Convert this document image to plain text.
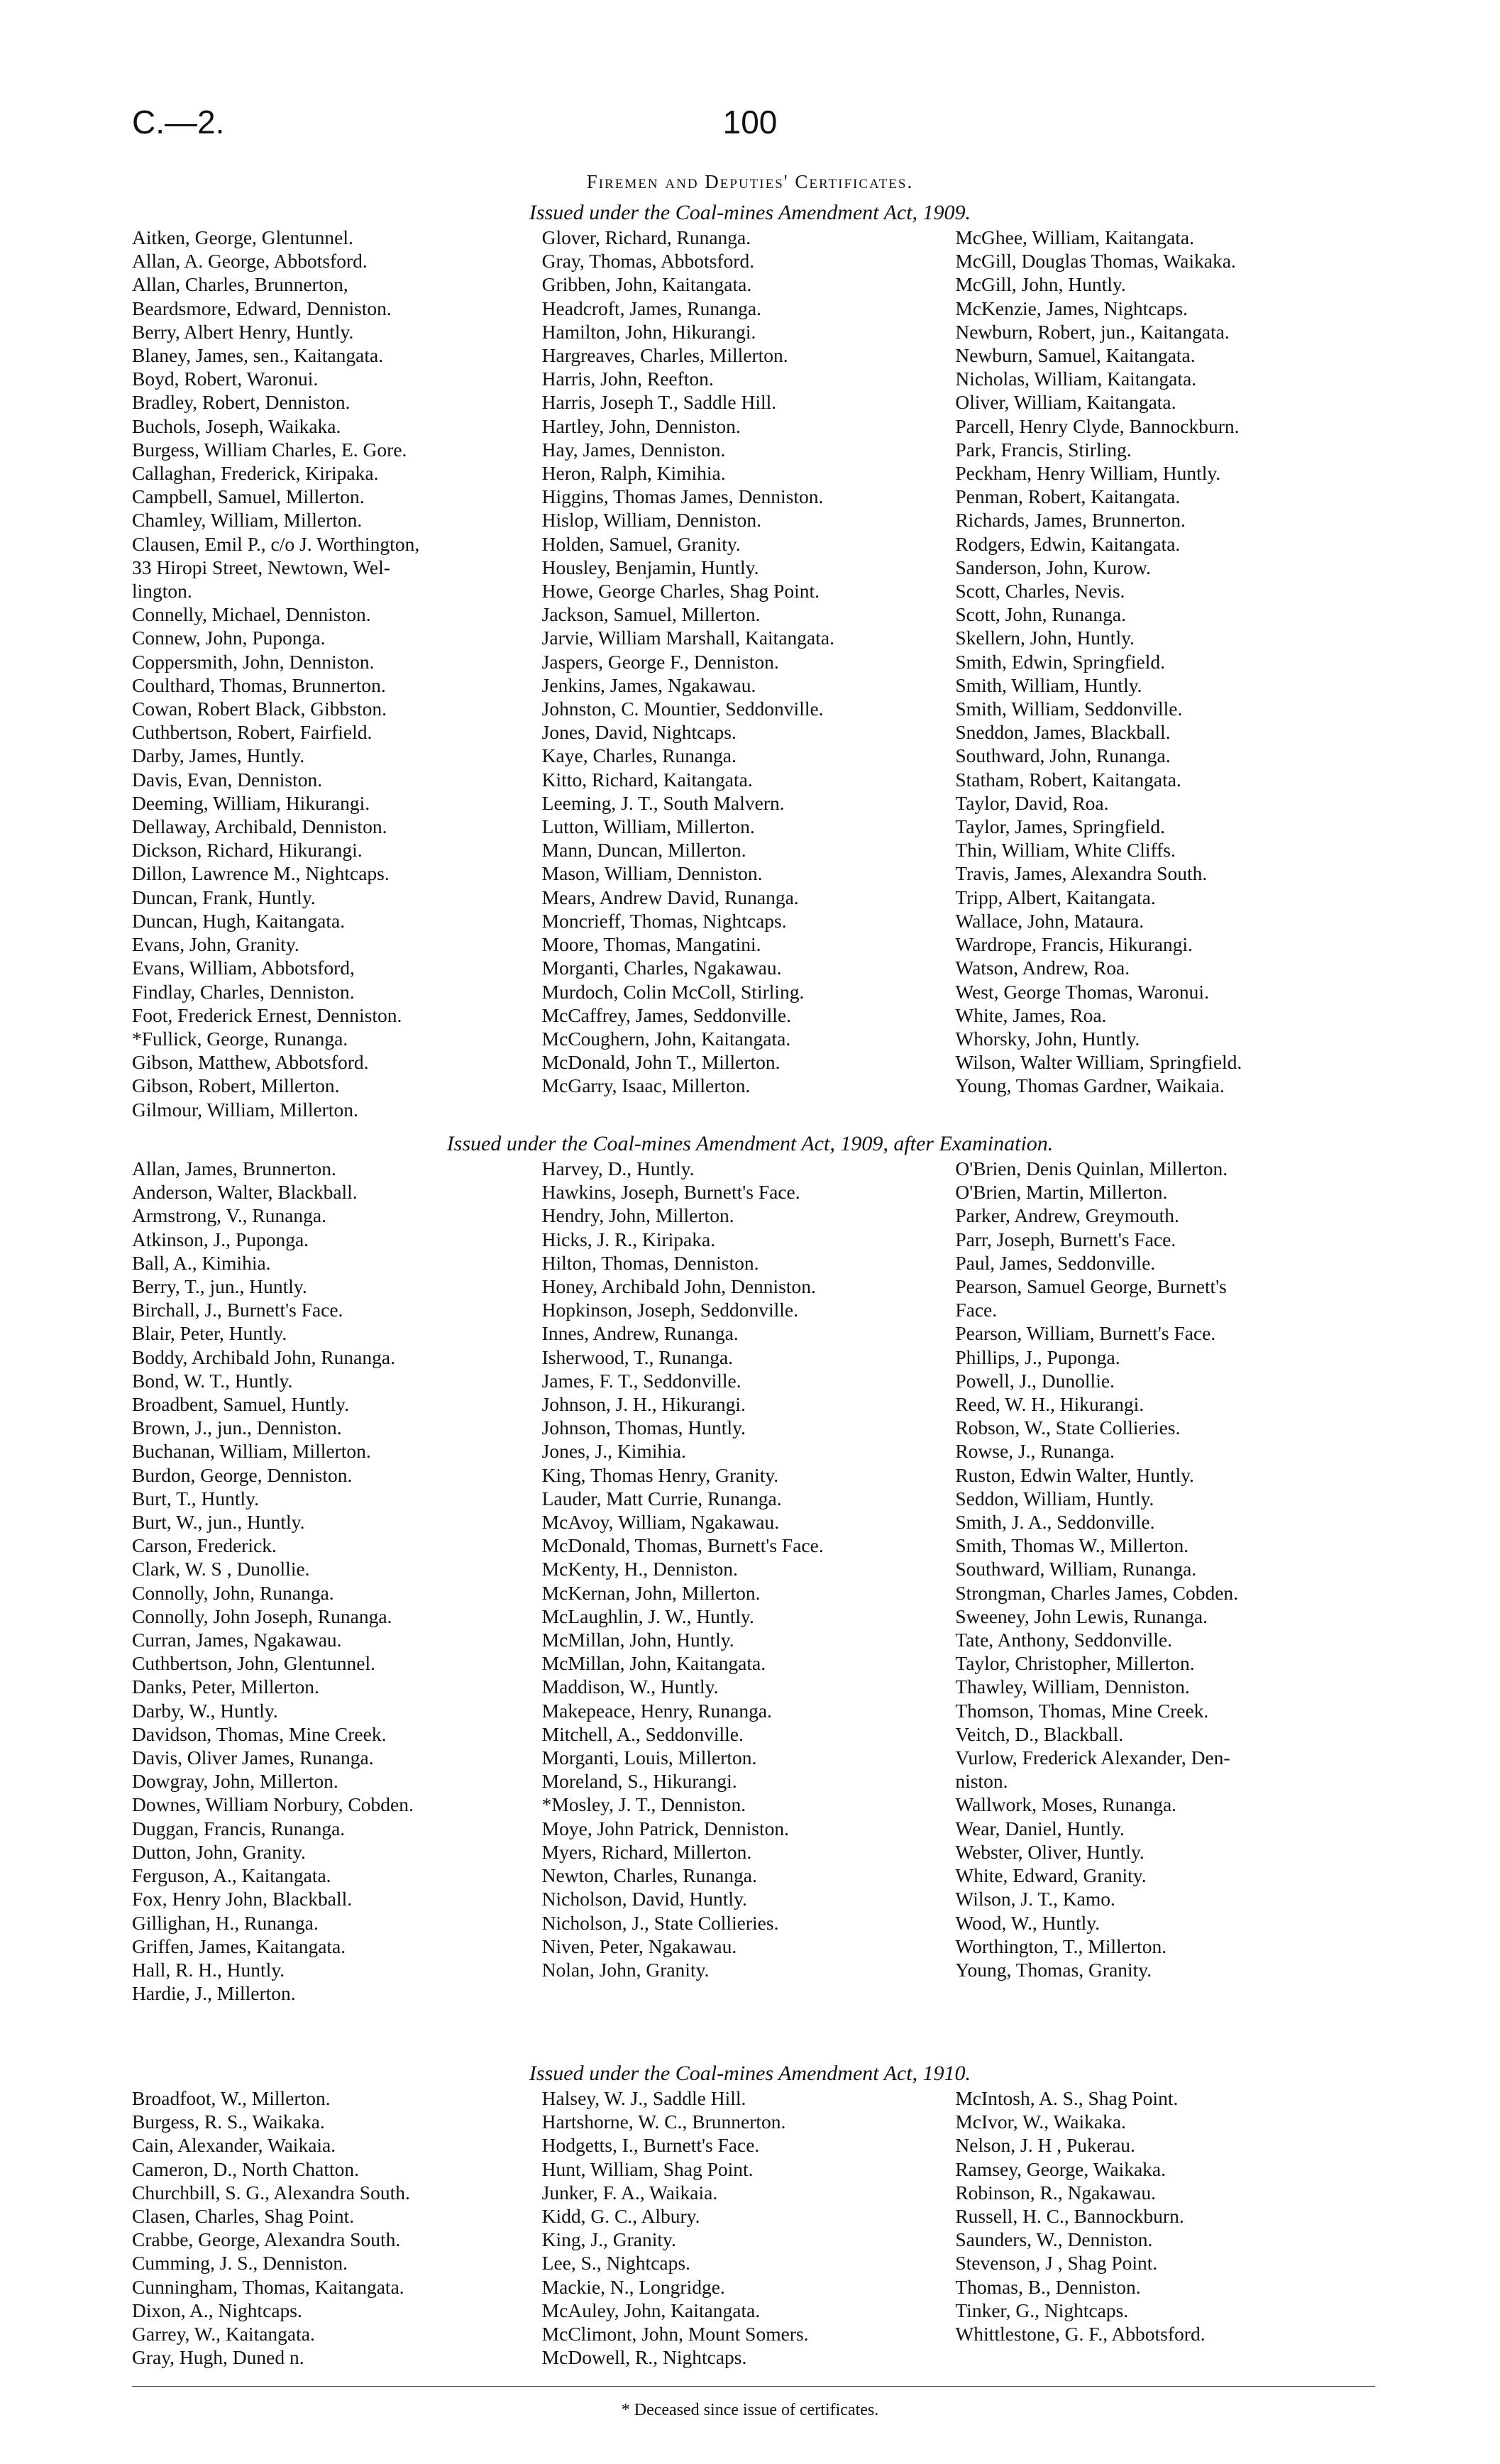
C.—2.	100
Firemen and Deputies' Certificates.
Issued under the Coal-mines Amendment Act, 1909.
Aitken, George, Glentunnel.
Allan, A. George, Abbotsford.
Allan, Charles, Brunnerton,
Beardsmore, Edward, Denniston.
Berry, Albert Henry, Huntly.
Blaney, James, sen., Kaitangata.
Boyd, Robert, Waronui.
Bradley, Robert, Denniston.
Buchols, Joseph, Waikaka.
Burgess, William Charles, E. Gore.
Callaghan, Frederick, Kiripaka.
Campbell, Samuel, Millerton.
Chamley, William, Millerton.
Clausen, Emil P., c/o J. Worthington,
33 Hiropi Street, Newtown, Wel-
lington.
Connelly, Michael, Denniston.
Connew, John, Puponga.
Coppersmith, John, Denniston.
Coulthard, Thomas, Brunnerton.
Cowan, Robert Black, Gibbston.
Cuthbertson, Robert, Fairfield.
Darby, James, Huntly.
Davis, Evan, Denniston.
Deeming, William, Hikurangi.
Dellaway, Archibald, Denniston.
Dickson, Richard, Hikurangi.
Dillon, Lawrence M., Nightcaps.
Duncan, Frank, Huntly.
Duncan, Hugh, Kaitangata.
Evans, John, Granity.
Evans, William, Abbotsford,
Findlay, Charles, Denniston.
Foot, Frederick Ernest, Denniston.
*Fullick, George, Runanga.
Gibson, Matthew, Abbotsford.
Gibson, Robert, Millerton.
Gilmour, William, Millerton.
Glover, Richard, Runanga.
Gray, Thomas, Abbotsford.
Gribben, John, Kaitangata.
Headcroft, James, Runanga.
Hamilton, John, Hikurangi.
Hargreaves, Charles, Millerton.
Harris, John, Reefton.
Harris, Joseph T., Saddle Hill.
Hartley, John, Denniston.
Hay, James, Denniston.
Heron, Ralph, Kimihia.
Higgins, Thomas James, Denniston.
Hislop, William, Denniston.
Holden, Samuel, Granity.
Housley, Benjamin, Huntly.
Howe, George Charles, Shag Point.
Jackson, Samuel, Millerton.
Jarvie, William Marshall, Kaitangata.
Jaspers, George F., Denniston.
Jenkins, James, Ngakawau.
Johnston, C. Mountier, Seddonville.
Jones, David, Nightcaps.
Kaye, Charles, Runanga.
Kitto, Richard, Kaitangata.
Leeming, J. T., South Malvern.
Lutton, William, Millerton.
Mann, Duncan, Millerton.
Mason, William, Denniston.
Mears, Andrew David, Runanga.
Moncrieff, Thomas, Nightcaps.
Moore, Thomas, Mangatini.
Morganti, Charles, Ngakawau.
Murdoch, Colin McColl, Stirling.
McCaffrey, James, Seddonville.
McCoughern, John, Kaitangata.
McDonald, John T., Millerton.
McGarry, Isaac, Millerton.
McGhee, William, Kaitangata.
McGill, Douglas Thomas, Waikaka.
McGill, John, Huntly.
McKenzie, James, Nightcaps.
Newburn, Robert, jun., Kaitangata.
Newburn, Samuel, Kaitangata.
Nicholas, William, Kaitangata.
Oliver, William, Kaitangata.
Parcell, Henry Clyde, Bannockburn.
Park, Francis, Stirling.
Peckham, Henry William, Huntly.
Penman, Robert, Kaitangata.
Richards, James, Brunnerton.
Rodgers, Edwin, Kaitangata.
Sanderson, John, Kurow.
Scott, Charles, Nevis.
Scott, John, Runanga.
Skellern, John, Huntly.
Smith, Edwin, Springfield.
Smith, William, Huntly.
Smith, William, Seddonville.
Sneddon, James, Blackball.
Southward, John, Runanga.
Statham, Robert, Kaitangata.
Taylor, David, Roa.
Taylor, James, Springfield.
Thin, William, White Cliffs.
Travis, James, Alexandra South.
Tripp, Albert, Kaitangata.
Wallace, John, Mataura.
Wardrope, Francis, Hikurangi.
Watson, Andrew, Roa.
West, George Thomas, Waronui.
White, James, Roa.
Whorsky, John, Huntly.
Wilson, Walter William, Springfield.
Young, Thomas Gardner, Waikaia.
Issued under the Coal-mines Amendment Act, 1909, after Examination.
Allan, James, Brunnerton.
Anderson, Walter, Blackball.
Armstrong, V., Runanga.
Atkinson, J., Puponga.
Ball, A., Kimihia.
Berry, T., jun., Huntly.
Birchall, J., Burnett's Face.
Blair, Peter, Huntly.
Boddy, Archibald John, Runanga.
Bond, W. T., Huntly.
Broadbent, Samuel, Huntly.
Brown, J., jun., Denniston.
Buchanan, William, Millerton.
Burdon, George, Denniston.
Burt, T., Huntly.
Burt, W., jun., Huntly.
Carson, Frederick.
Clark, W. S , Dunollie.
Connolly, John, Runanga.
Connolly, John Joseph, Runanga.
Curran, James, Ngakawau.
Cuthbertson, John, Glentunnel.
Danks, Peter, Millerton.
Darby, W., Huntly.
Davidson, Thomas, Mine Creek.
Davis, Oliver James, Runanga.
Dowgray, John, Millerton.
Downes, William Norbury, Cobden.
Duggan, Francis, Runanga.
Dutton, John, Granity.
Ferguson, A., Kaitangata.
Fox, Henry John, Blackball.
Gillighan, H., Runanga.
Griffen, James, Kaitangata.
Hall, R. H., Huntly.
Hardie, J., Millerton.
Harvey, D., Huntly.
Hawkins, Joseph, Burnett's Face.
Hendry, John, Millerton.
Hicks, J. R., Kiripaka.
Hilton, Thomas, Denniston.
Honey, Archibald John, Denniston.
Hopkinson, Joseph, Seddonville.
Innes, Andrew, Runanga.
Isherwood, T., Runanga.
James, F. T., Seddonville.
Johnson, J. H., Hikurangi.
Johnson, Thomas, Huntly.
Jones, J., Kimihia.
King, Thomas Henry, Granity.
Lauder, Matt Currie, Runanga.
McAvoy, William, Ngakawau.
McDonald, Thomas, Burnett's Face.
McKenty, H., Denniston.
McKernan, John, Millerton.
McLaughlin, J. W., Huntly.
McMillan, John, Huntly.
McMillan, John, Kaitangata.
Maddison, W., Huntly.
Makepeace, Henry, Runanga.
Mitchell, A., Seddonville.
Morganti, Louis, Millerton.
Moreland, S., Hikurangi.
*Mosley, J. T., Denniston.
Moye, John Patrick, Denniston.
Myers, Richard, Millerton.
Newton, Charles, Runanga.
Nicholson, David, Huntly.
Nicholson, J., State Collieries.
Niven, Peter, Ngakawau.
Nolan, John, Granity.
O'Brien, Denis Quinlan, Millerton.
O'Brien, Martin, Millerton.
Parker, Andrew, Greymouth.
Parr, Joseph, Burnett's Face.
Paul, James, Seddonville.
Pearson, Samuel George, Burnett's
Face.
Pearson, William, Burnett's Face.
Phillips, J., Puponga.
Powell, J., Dunollie.
Reed, W. H., Hikurangi.
Robson, W., State Collieries.
Rowse, J., Runanga.
Ruston, Edwin Walter, Huntly.
Seddon, William, Huntly.
Smith, J. A., Seddonville.
Smith, Thomas W., Millerton.
Southward, William, Runanga.
Strongman, Charles James, Cobden.
Sweeney, John Lewis, Runanga.
Tate, Anthony, Seddonville.
Taylor, Christopher, Millerton.
Thawley, William, Denniston.
Thomson, Thomas, Mine Creek.
Veitch, D., Blackball.
Vurlow, Frederick Alexander, Den-
niston.
Wallwork, Moses, Runanga.
Wear, Daniel, Huntly.
Webster, Oliver, Huntly.
White, Edward, Granity.
Wilson, J. T., Kamo.
Wood, W., Huntly.
Worthington, T., Millerton.
Young, Thomas, Granity.
Issued under the Coal-mines Amendment Act, 1910.
Broadfoot, W., Millerton.
Burgess, R. S., Waikaka.
Cain, Alexander, Waikaia.
Cameron, D., North Chatton.
Churchbill, S. G., Alexandra South.
Clasen, Charles, Shag Point.
Crabbe, George, Alexandra South.
Cumming, J. S., Denniston.
Cunningham, Thomas, Kaitangata.
Dixon, A., Nightcaps.
Garrey, W., Kaitangata.
Gray, Hugh, Duned n.
Halsey, W. J., Saddle Hill.
Hartshorne, W. C., Brunnerton.
Hodgetts, I., Burnett's Face.
Hunt, William, Shag Point.
Junker, F. A., Waikaia.
Kidd, G. C., Albury.
King, J., Granity.
Lee, S., Nightcaps.
Mackie, N., Longridge.
McAuley, John, Kaitangata.
McClimont, John, Mount Somers.
McDowell, R., Nightcaps.
McIntosh, A. S., Shag Point.
McIvor, W., Waikaka.
Nelson, J. H , Pukerau.
Ramsey, George, Waikaka.
Robinson, R., Ngakawau.
Russell, H. C., Bannockburn.
Saunders, W., Denniston.
Stevenson, J , Shag Point.
Thomas, B., Denniston.
Tinker, G., Nightcaps.
Whittlestone, G. F., Abbotsford.
* Deceased since issue of certificates.
